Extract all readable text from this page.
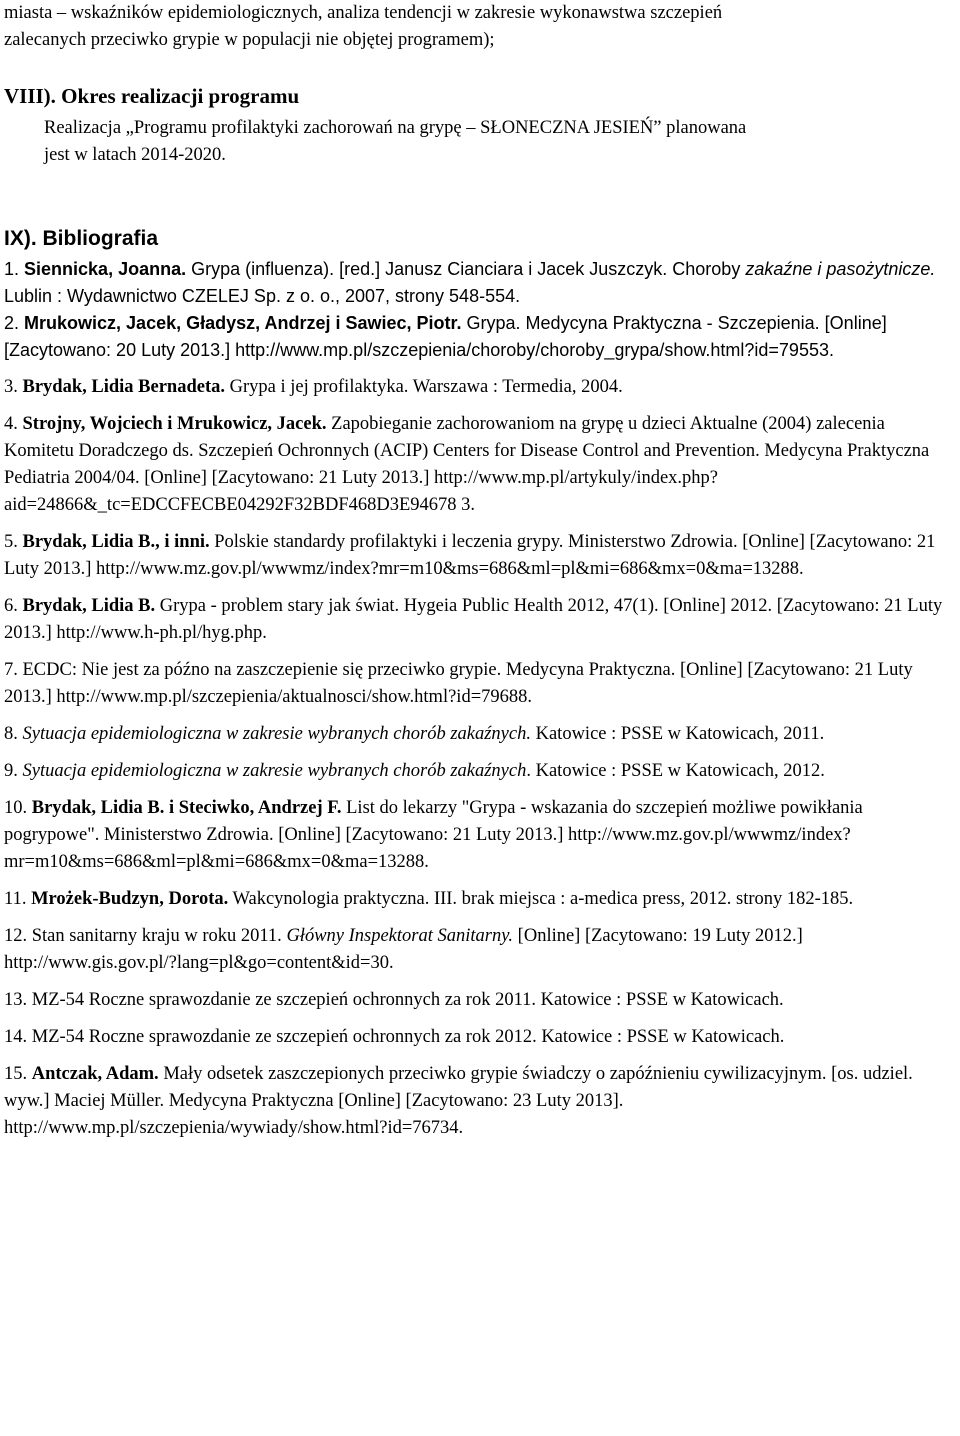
miasta – wskaźników epidemiologicznych, analiza tendencji w zakresie wykonawstwa szczepień
zalecanych przeciwko grypie w populacji nie objętej programem);
VIII). Okres realizacji programu
Realizacja „Programu profilaktyki zachorowań na grypę – SŁONECZNA JESIEŃ” planowana
jest w latach 2014-2020.
IX). Bibliografia

1. Siennicka, Joanna. Grypa (influenza). [red.] Janusz Cianciara i Jacek Juszczyk. Choroby zakaźne i pasożytnicze. Lublin : Wydawnictwo CZELEJ Sp. z o. o., 2007, strony 548-554.

2. Mrukowicz, Jacek, Gładysz, Andrzej i Sawiec, Piotr. Grypa. Medycyna Praktyczna - Szczepienia. [Online] [Zacytowano: 20 Luty 2013.] http://www.mp.pl/szczepienia/choroby/choroby_grypa/show.html?id=79553.

3. Brydak, Lidia Bernadeta. Grypa i jej profilaktyka. Warszawa : Termedia, 2004.

4. Strojny, Wojciech i Mrukowicz, Jacek. Zapobieganie zachorowaniom na grypę u dzieci Aktualne (2004) zalecenia Komitetu Doradczego ds. Szczepień Ochronnych (ACIP) Centers for Disease Control and Prevention. Medycyna Praktyczna Pediatria 2004/04. [Online] [Zacytowano: 21 Luty 2013.] http://www.mp.pl/artykuly/index.php?aid=24866&_tc=EDCCFECBE04292F32BDF468D3E94678 3.

5. Brydak, Lidia B., i inni. Polskie standardy profilaktyki i leczenia grypy. Ministerstwo Zdrowia. [Online] [Zacytowano: 21 Luty 2013.] http://www.mz.gov.pl/wwwmz/index?mr=m10&ms=686&ml=pl&mi=686&mx=0&ma=13288.

6. Brydak, Lidia B. Grypa - problem stary jak świat. Hygeia Public Health 2012, 47(1). [Online] 2012. [Zacytowano: 21 Luty 2013.] http://www.h-ph.pl/hyg.php.

7. ECDC: Nie jest za późno na zaszczepienie się przeciwko grypie. Medycyna Praktyczna. [Online] [Zacytowano: 21 Luty 2013.] http://www.mp.pl/szczepienia/aktualnosci/show.html?id=79688.

8. Sytuacja epidemiologiczna w zakresie wybranych chorób zakaźnych. Katowice : PSSE w Katowicach, 2011.

9. Sytuacja epidemiologiczna w zakresie wybranych chorób zakaźnych. Katowice : PSSE w Katowicach, 2012.

10. Brydak, Lidia B. i Steciwko, Andrzej F. List do lekarzy "Grypa - wskazania do szczepień możliwe powikłania pogrypowe". Ministerstwo Zdrowia. [Online] [Zacytowano: 21 Luty 2013.] http://www.mz.gov.pl/wwwmz/index?mr=m10&ms=686&ml=pl&mi=686&mx=0&ma=13288.

11. Mrożek-Budzyn, Dorota. Wakcynologia praktyczna. III. brak miejsca : a-medica press, 2012. strony 182-185.

12. Stan sanitarny kraju w roku 2011. Główny Inspektorat Sanitarny. [Online] [Zacytowano: 19 Luty 2012.] http://www.gis.gov.pl/?lang=pl&go=content&id=30.

13. MZ-54 Roczne sprawozdanie ze szczepień ochronnych za rok 2011. Katowice : PSSE w Katowicach.

14. MZ-54 Roczne sprawozdanie ze szczepień ochronnych za rok 2012. Katowice : PSSE w Katowicach.

15. Antczak, Adam. Mały odsetek zaszczepionych przeciwko grypie świadczy o zapóźnieniu cywilizacyjnym. [os. udziel. wyw.] Maciej Müller. Medycyna Praktyczna [Online] [Zacytowano: 23 Luty 2013]. http://www.mp.pl/szczepienia/wywiady/show.html?id=76734.
